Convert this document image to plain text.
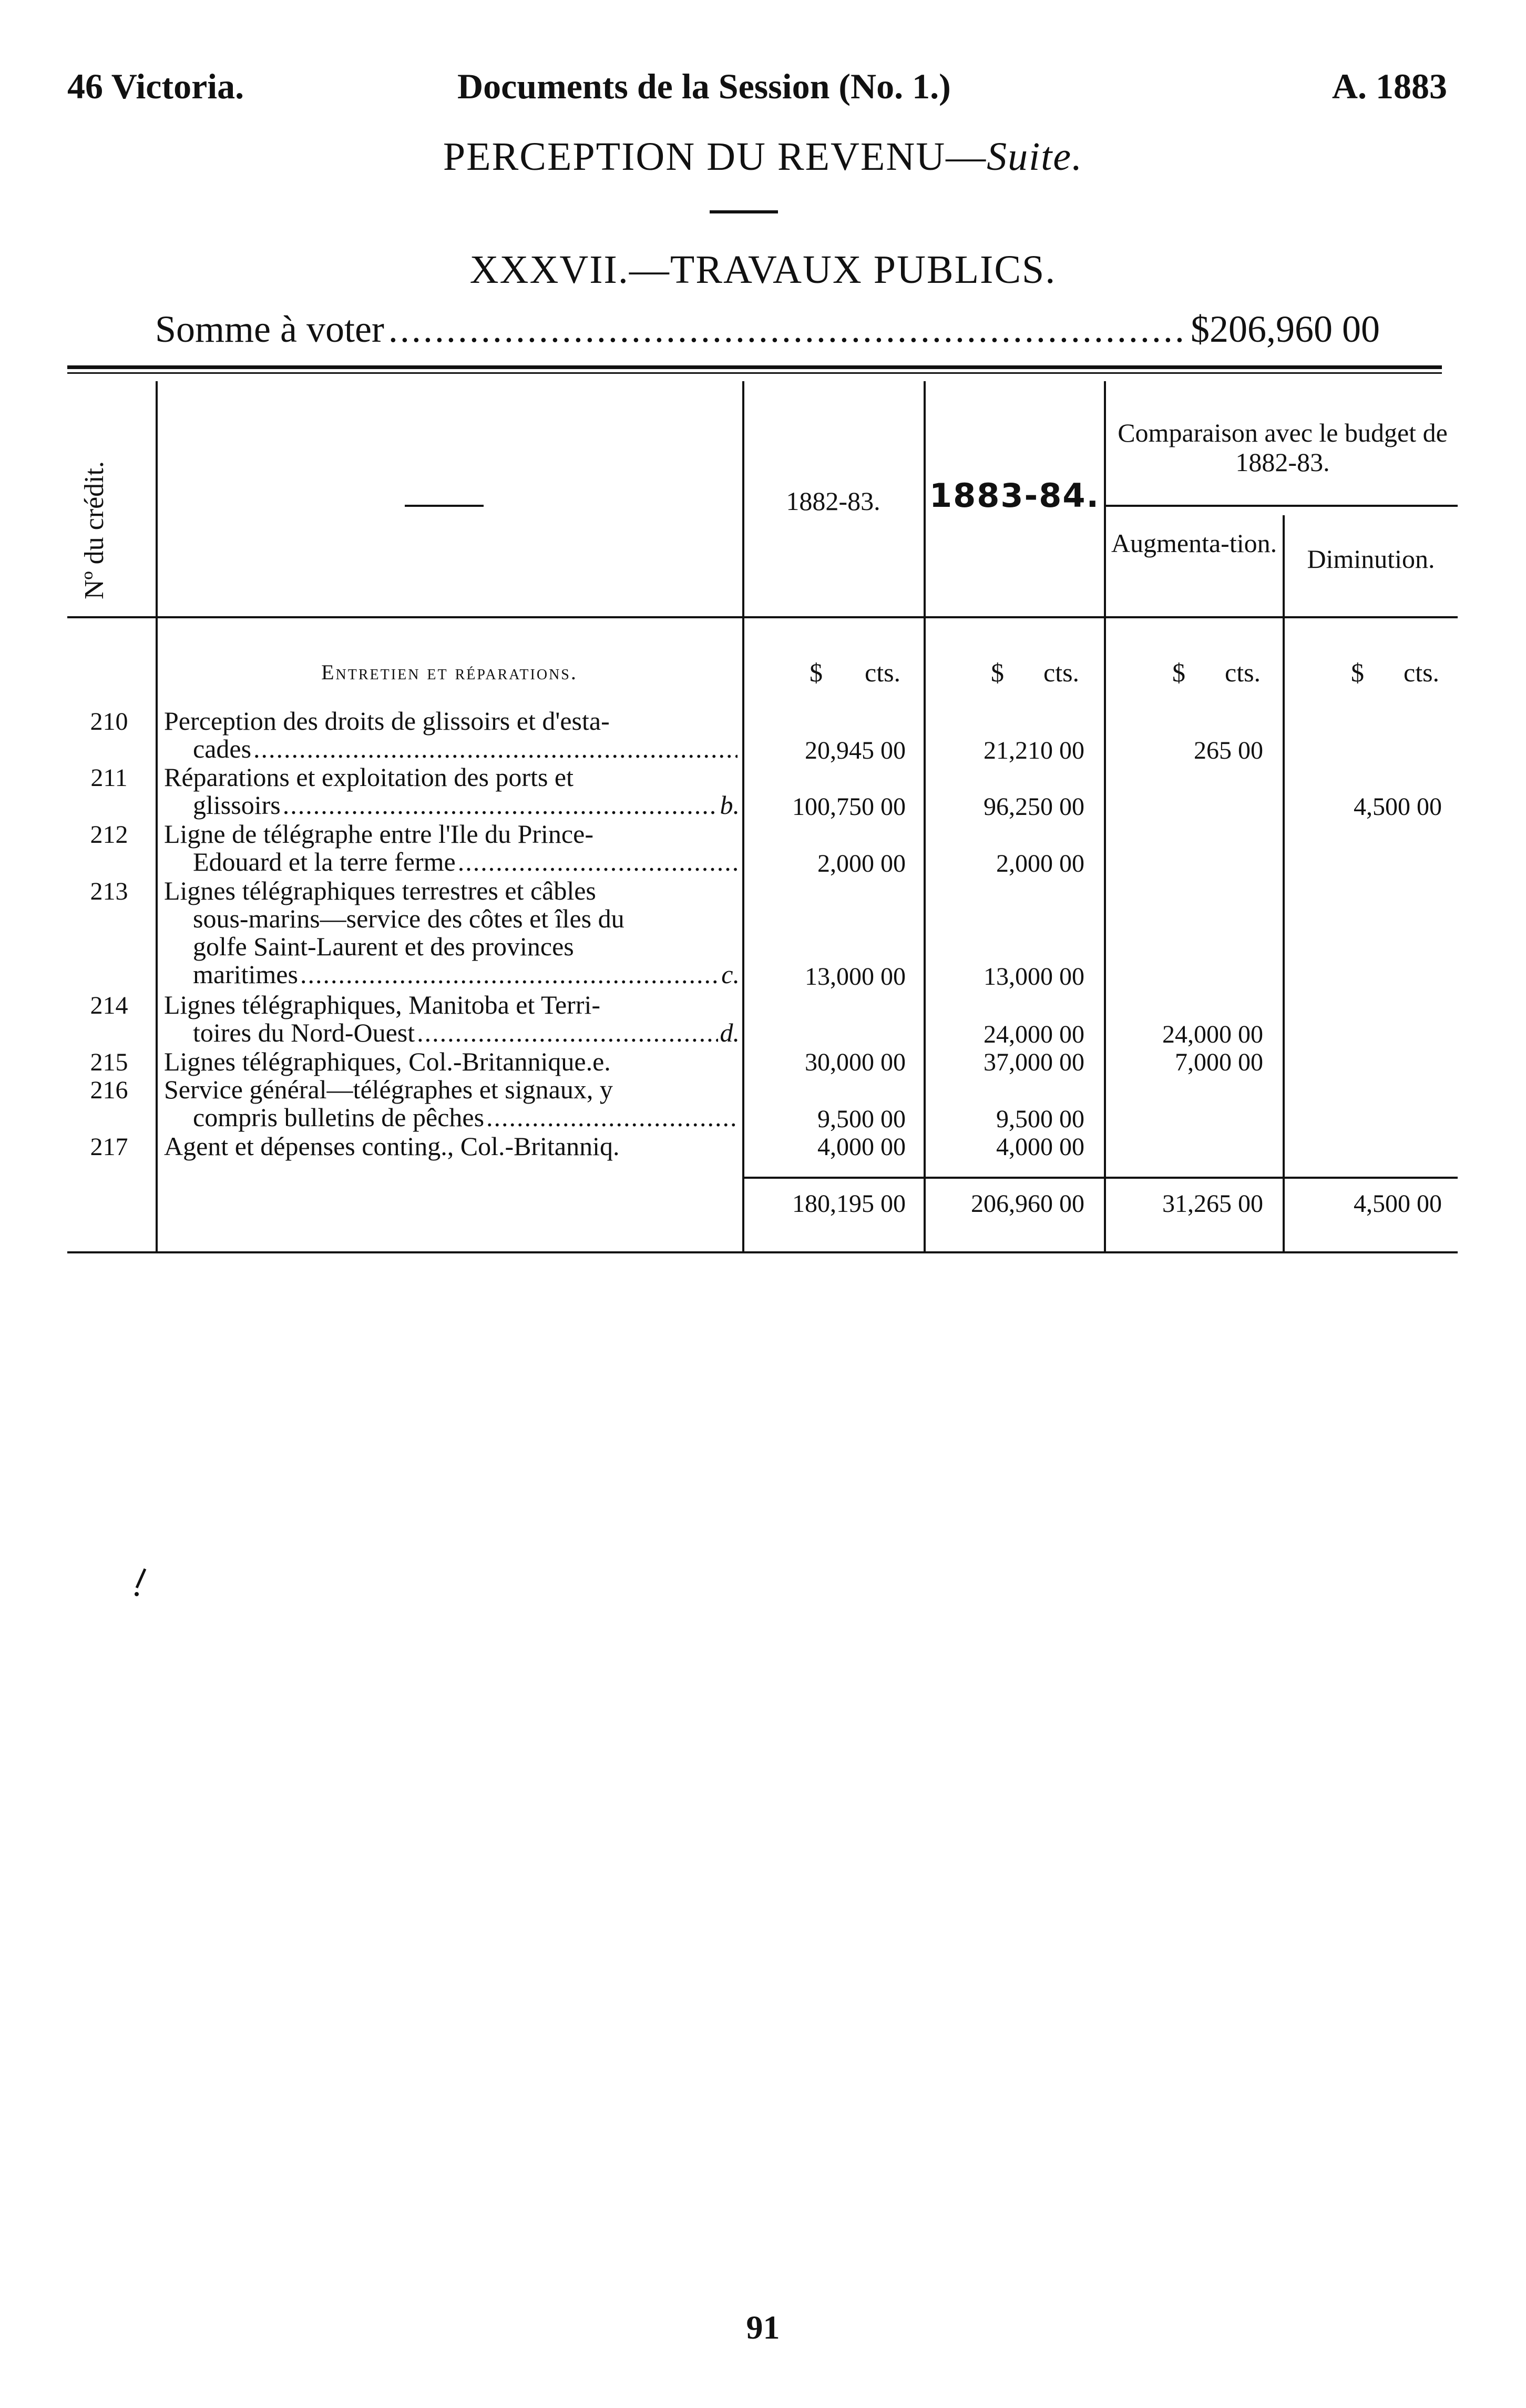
46 Victoria.	Documents de la Session (No. 1.)	A. 1883
PERCEPTION DU REVENU—Suite.
XXXVII.—TRAVAUX PUBLICS.
Somme à voter .....	$206,960 00
Nº du crédit.	1882-83.	1883-84.
Comparaison avec le budget de 1882-83.
Augmenta-tion.
Diminution.
Entretien et réparations.	$ cts.	$ cts.	$ cts.	$ cts.
210	Perception des droits de glissoirs et d'esta-
cades .....	20,945 00	21,210 00	265 00
.....
211	Réparations et exploitation des ports et
glissoirs .....	b. 100,750 00	96,250 00 .....	4,500 00
212	Ligne de télégraphe entre l'Ile du Prince-
Edouard et la terre ferme .....	2,000 00	2,000 00
.....
.....
213	Lignes télégraphiques terrestres et câbles
sous-marins—service des côtes et îles du
golfe Saint-Laurent et des provinces
maritimes .....	c.	13,000 00	13,000 00
.....
.....
214	Lignes télégraphiques, Manitoba et Terri-
toires du Nord-Ouest .....	d. .....	24,000 00	24,000 00
.....
215	Lignes télégraphiques, Col.-Britannique.e.	30,000 00	37,000 00	7,000 00
.....
216	Service général—télégraphes et signaux, y
compris bulletins de pêches .....	9,500 00	9,500 00
.....
.....
217	Agent et dépenses conting., Col.-Britanniq.	4,000 00	4,000 00
.....
.....
180,195 00	206,960 00	31,265 00	4,500 00
91
